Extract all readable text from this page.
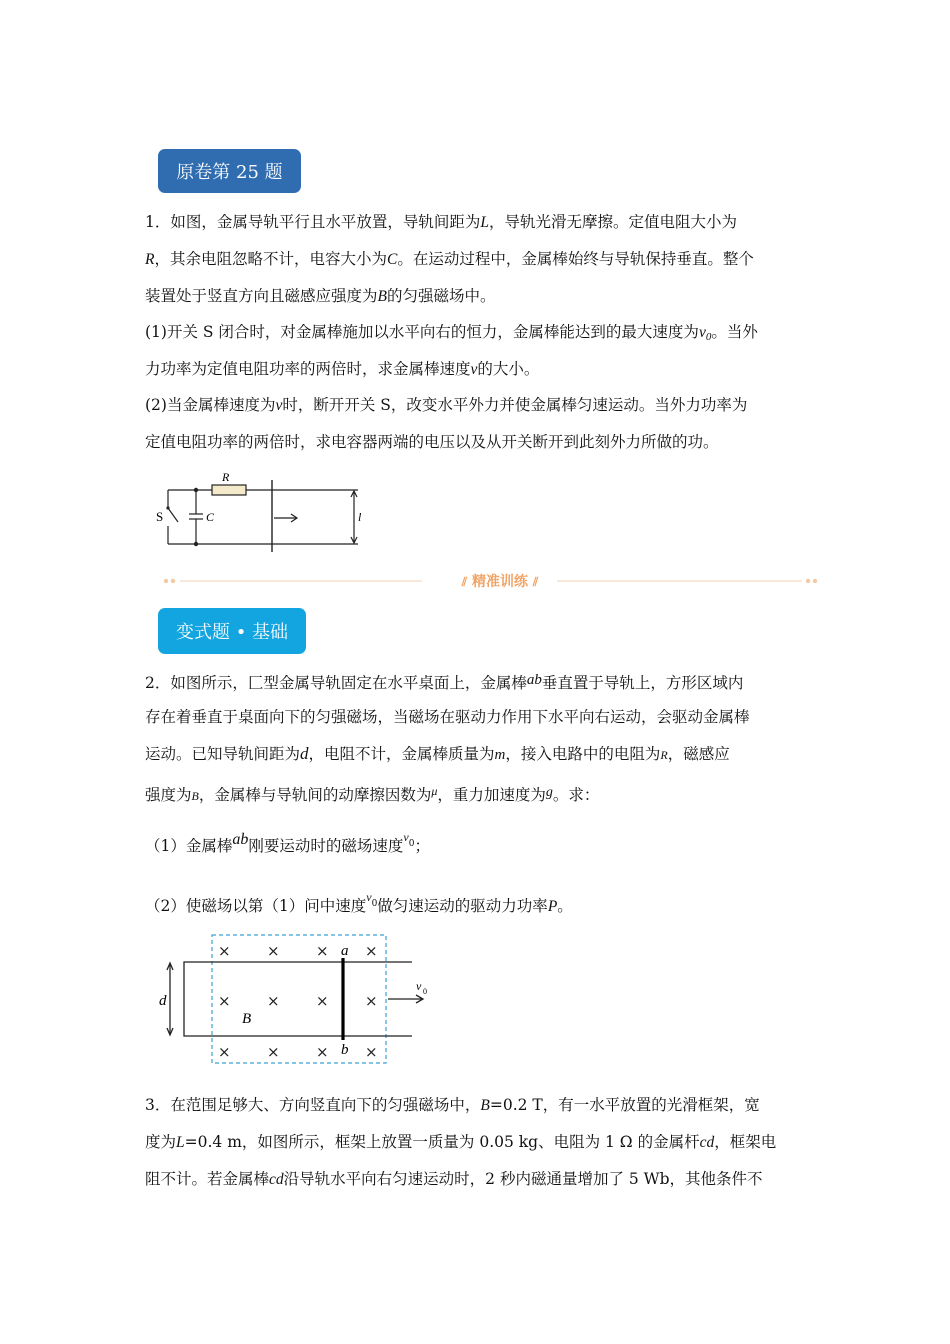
原卷第 25 题
1．如图，金属导轨平行且水平放置，导轨间距为L，导轨光滑无摩擦。定值电阻大小为
R，其余电阻忽略不计，电容大小为C。在运动过程中，金属棒始终与导轨保持垂直。整个
装置处于竖直方向且磁感应强度为B的匀强磁场中。
(1)开关 S 闭合时，对金属棒施加以水平向右的恒力，金属棒能达到的最大速度为$v_0$。当外
力功率为定值电阻功率的两倍时，求金属棒速度v的大小。
(2)当金属棒速度为v时，断开开关 S，改变水平外力并使金属棒匀速运动。当外力功率为
定值电阻功率的两倍时，求电容器两端的电压以及从开关断开到此刻外力所做的功。
R
C
S	l
⫽ 精准训练 ⫽
变式题 • 基础
2．如图所示，匚型金属导轨固定在水平桌面上，金属棒ab垂直置于导轨上，方形区域内
存在着垂直于桌面向下的匀强磁场，当磁场在驱动力作用下水平向右运动，会驱动金属棒
运动。已知导轨间距为d，电阻不计，金属棒质量为m，接入电路中的电阻为R，磁感应
强度为B，金属棒与导轨间的动摩擦因数为$^\mu$，重力加速度为g。求：
（1）金属棒ab刚要运动时的磁场速度$^{v0}$；
（2）使磁场以第（1）问中速度$^{v0}$做匀速运动的驱动力功率P。
× × × ×
× × × ×
× × × ×
a
b
B
d
v 0
3．在范围足够大、方向竖直向下的匀强磁场中，B=0.2 T，有一水平放置的光滑框架，宽
度为L=0.4 m，如图所示，框架上放置一质量为 0.05 kg、电阻为 1 Ω 的金属杆cd，框架电
阻不计。若金属棒cd沿导轨水平向右匀速运动时，2 秒内磁通量增加了 5 Wb，其他条件不
